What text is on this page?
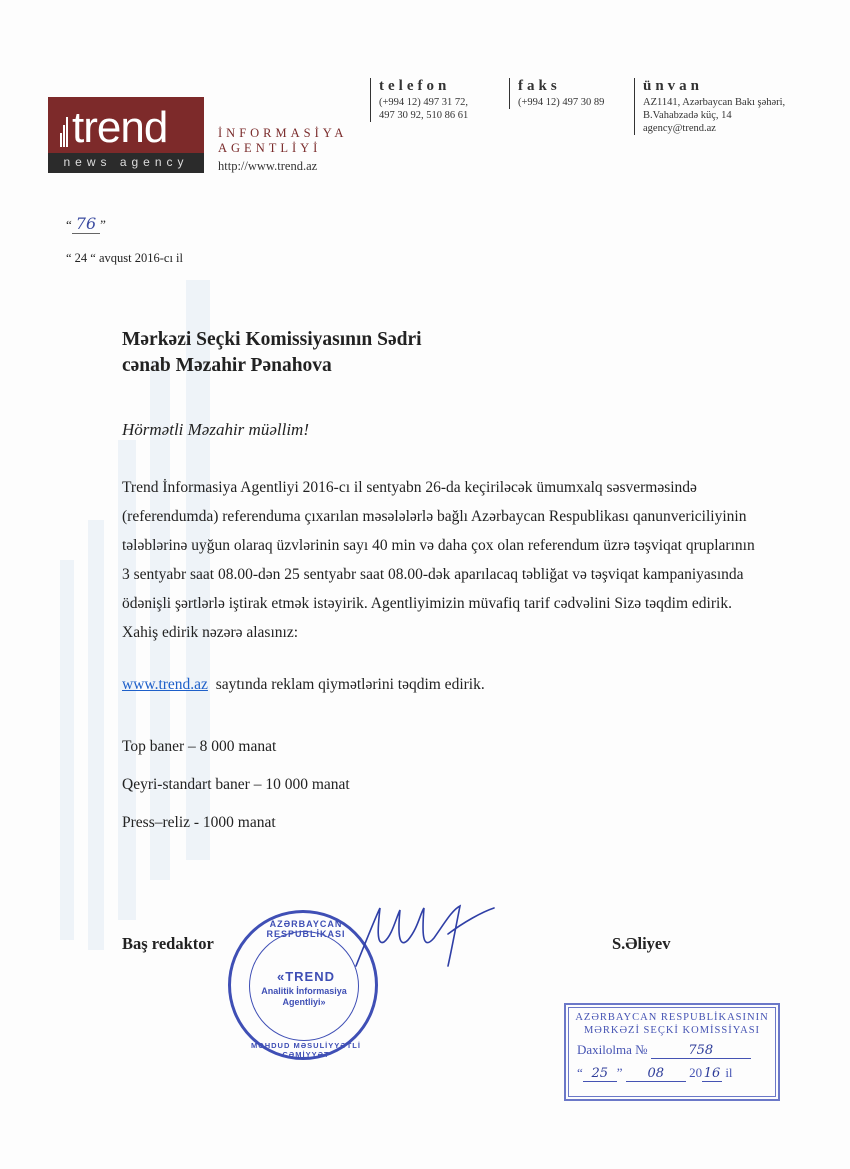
trend
news agency
İNFORMASİYA
AGENTLİYİ
http://www.trend.az
telefon
(+994 12) 497 31 72,
497 30 92, 510 86 61
faks
(+994 12) 497 30 89
ünvan
AZ1141, Azərbaycan Bakı şəhəri,
B.Vahabzadə küç, 14
agency@trend.az
“ 76 ”
“ 24 “ avqust 2016-cı il
Mərkəzi Seçki Komissiyasının Sədri
cənab Məzahir Pənahova
Hörmətli Məzahir müəllim!
Trend İnformasiya Agentliyi 2016-cı il sentyabn 26-da keçiriləcək ümumxalq səsverməsində (referendumda) referenduma çıxarılan məsələlərlə bağlı Azərbaycan Respublikası qanunvericiliyinin tələblərinə uyğun olaraq üzvlərinin sayı 40 min və daha çox olan referendum üzrə təşviqat qruplarının 3 sentyabr saat 08.00-dən 25 sentyabr saat 08.00-dək aparılacaq təbliğat və təşviqat kampaniyasında ödənişli şərtlərlə iştirak etmək istəyirik. Agentliyimizin müvafiq tarif cədvəlini Sizə təqdim edirik. Xahiş edirik nəzərə alasınız:
www.trend.az saytında reklam qiymətlərini təqdim edirik.
Top baner – 8 000 manat
Qeyri-standart baner – 10 000 manat
Press–reliz - 1000 manat
Baş redaktor	S.Əliyev
AZƏRBAYCAN RESPUBLİKASI
«TREND
Analitik İnformasiya Agentliyi»
MƏHDUD MƏSULİYYƏTLİ CƏMİYYƏT
AZƏRBAYCAN RESPUBLİKASININ
MƏRKƏZİ SEÇKİ KOMİSSİYASI
Daxilolma №	758
“ 25 ” 08 20 16 il
